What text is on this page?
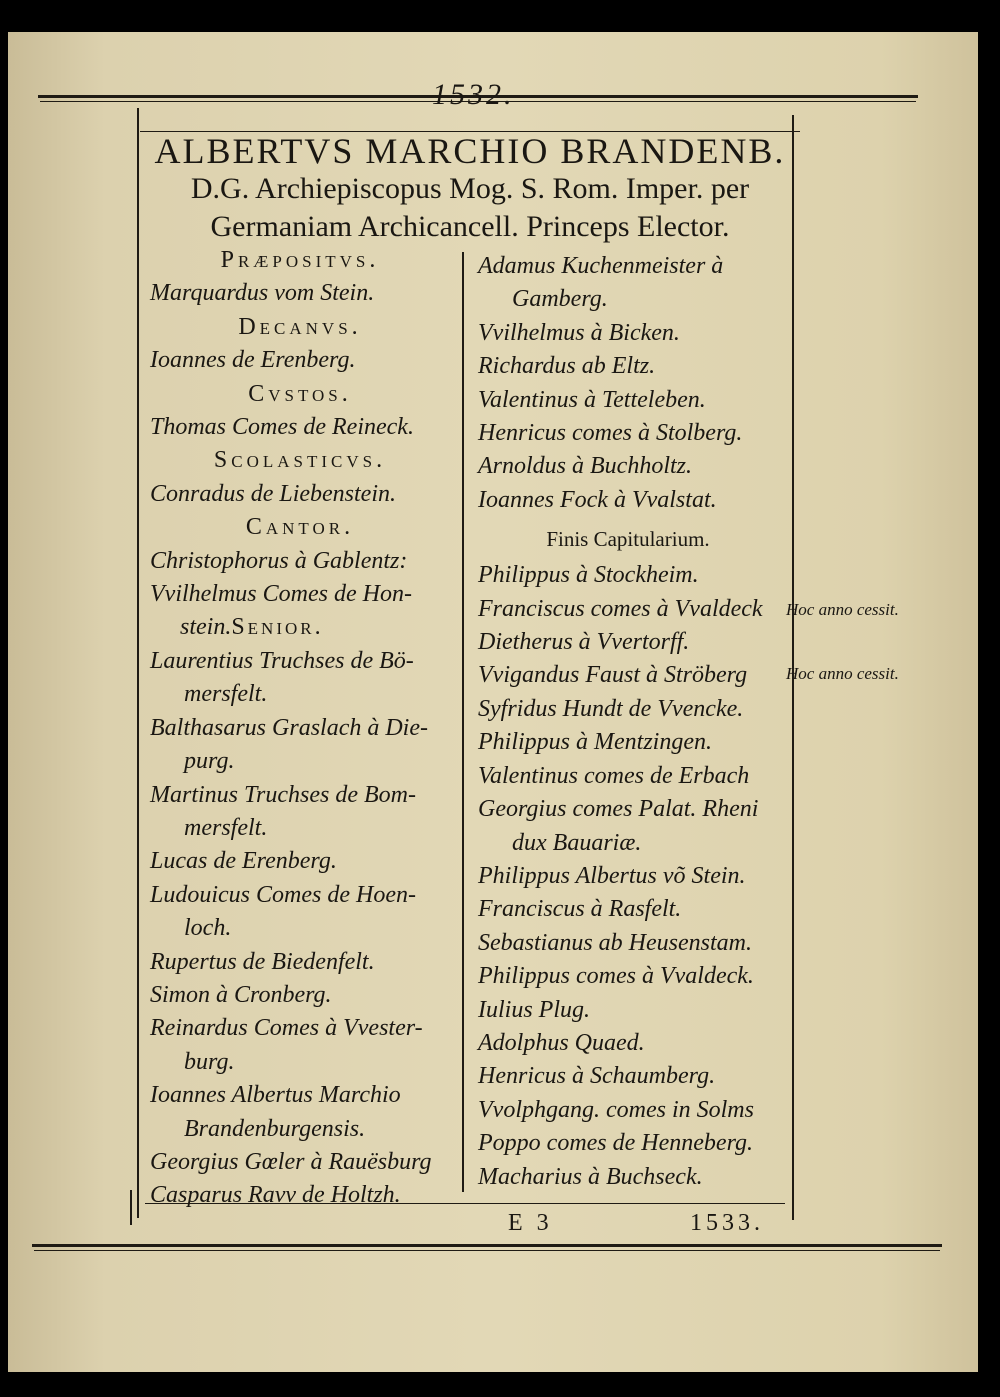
1532.
ALBERTVS MARCHIO BRANDENB.
D.G. Archiepiscopus Mog. S. Rom. Imper. per
Germaniam Archicancell. Princeps Elector.
Præpositvs.
Marquardus vom Stein.
Decanvs.
Ioannes de Erenberg.
Cvstos.
Thomas Comes de Reineck.
Scolasticvs.
Conradus de Liebenstein.
Cantor.
Christophorus à Gablentz:
Vvilhelmus Comes de Hon-
stein.Senior.
Laurentius Truchses de Bö-
mersfelt.
Balthasarus Graslach à Die-
purg.
Martinus Truchses de Bom-
mersfelt.
Lucas de Erenberg.
Ludouicus Comes de Hoen-
loch.
Rupertus de Biedenfelt.
Simon à Cronberg.
Reinardus Comes à Vvester-
burg.
Ioannes Albertus Marchio
Brandenburgensis.
Georgius Gœler à Rauësburg
Casparus Ravv de Holtzh.
Adamus Kuchenmeister à
Gamberg.
Vvilhelmus à Bicken.
Richardus ab Eltz.
Valentinus à Tetteleben.
Henricus comes à Stolberg.
Arnoldus à Buchholtz.
Ioannes Fock à Vvalstat.
Finis Capitularium.
Philippus à Stockheim.
Franciscus comes à Vvaldeck
Dietherus à Vvertorff.
Vvigandus Faust à Ströberg
Syfridus Hundt de Vvencke.
Philippus à Mentzingen.
Valentinus comes de Erbach
Georgius comes Palat. Rheni
dux Bauariæ.
Philippus Albertus võ Stein.
Franciscus à Rasfelt.
Sebastianus ab Heusenstam.
Philippus comes à Vvaldeck.
Iulius Plug.
Adolphus Quaed.
Henricus à Schaumberg.
Vvolphgang. comes in Solms
Poppo comes de Henneberg.
Macharius à Buchseck.
Hoc anno cessit.
Hoc anno cessit.
E 3	1533.
